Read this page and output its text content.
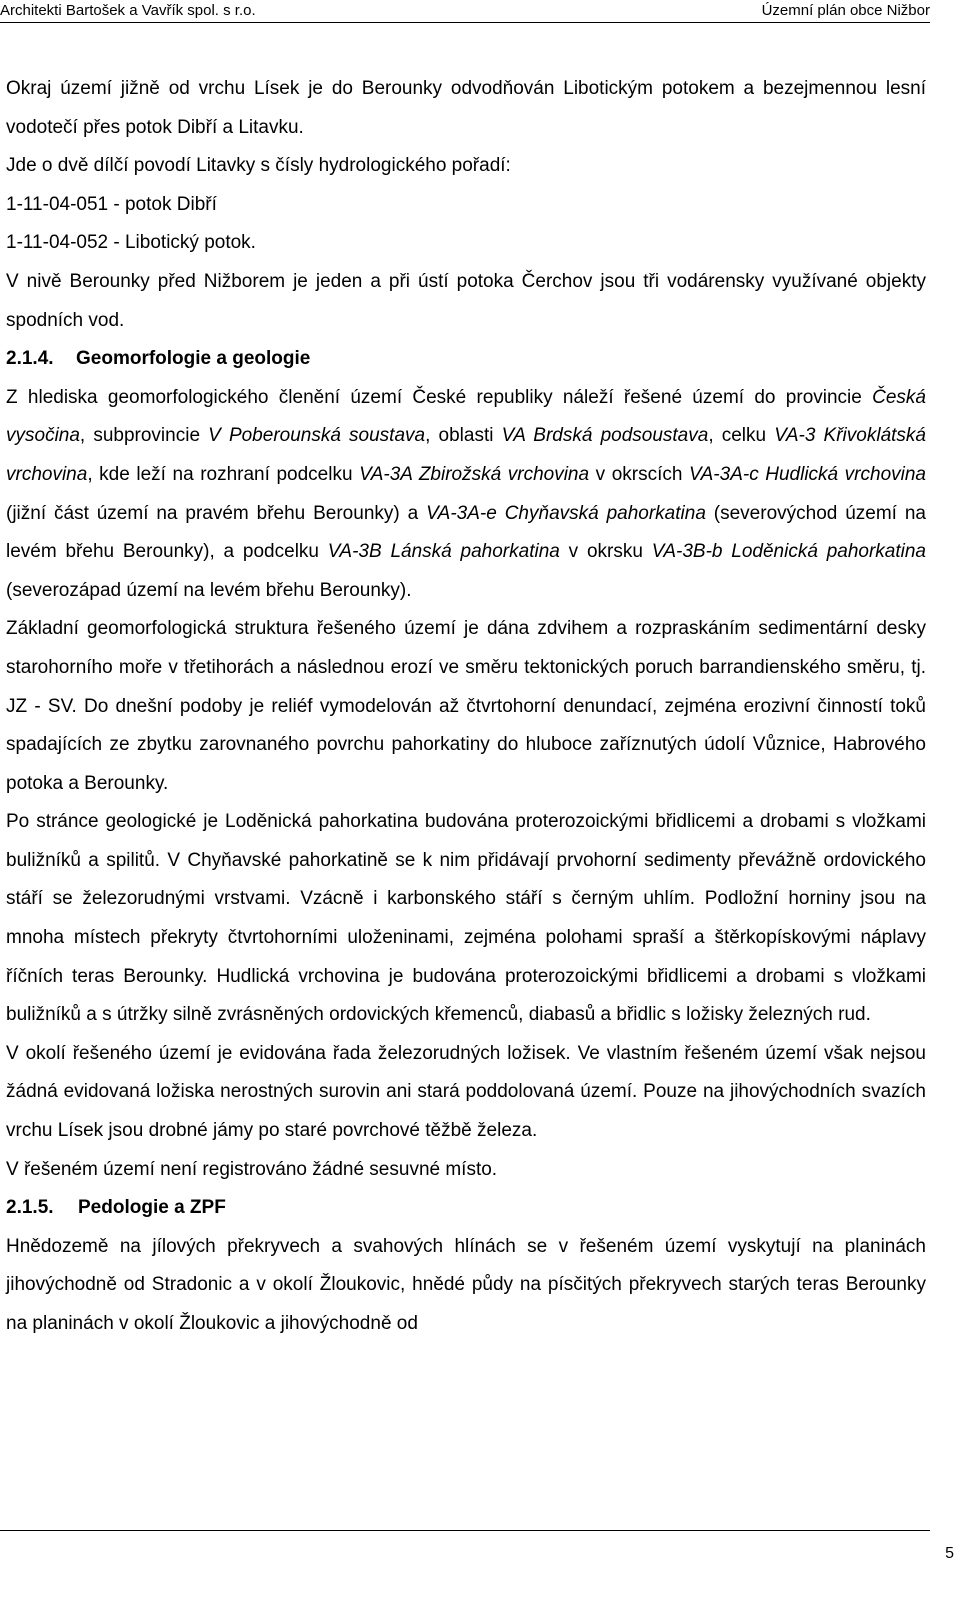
Architekti Bartošek a Vavřík spol. s r.o.	Územní plán obce Nižbor

Okraj území jižně od vrchu Lísek je do Berounky odvodňován Libotickým potokem a bezejmennou lesní vodotečí přes potok Dibří a Litavku.

Jde o dvě dílčí povodí Litavky s čísly hydrologického pořadí:

1-11-04-051 - potok Dibří

1-11-04-052 - Libotický potok.

V nivě Berounky před Nižborem je jeden a při ústí potoka Čerchov jsou tři vodárensky využívané objekty spodních vod.

2.1.4. Geomorfologie a geologie

Z hlediska geomorfologického členění území České republiky náleží řešené území do provincie Česká vysočina, subprovincie V Poberounská soustava, oblasti VA Brdská podsoustava, celku VA-3 Křivoklátská vrchovina, kde leží na rozhraní podcelku VA-3A Zbirožská vrchovina v okrscích VA-3A-c Hudlická vrchovina (jižní část území na pravém břehu Berounky) a VA-3A-e Chyňavská pahorkatina (severovýchod území na levém břehu Berounky), a podcelku VA-3B Lánská pahorkatina v okrsku VA-3B-b Loděnická pahorkatina (severozápad území na levém břehu Berounky).

Základní geomorfologická struktura řešeného území je dána zdvihem a rozpraskáním sedimentární desky starohorního moře v třetihorách a následnou erozí ve směru tektonických poruch barrandienského směru, tj. JZ - SV. Do dnešní podoby je reliéf vymodelován až čtvrtohorní denundací, zejména erozivní činností toků spadajících ze zbytku zarovnaného povrchu pahorkatiny do hluboce zaříznutých údolí Vůznice, Habrového potoka a Berounky.

Po stránce geologické je Loděnická pahorkatina budována proterozoickými břidlicemi a drobami s vložkami buližníků a spilitů. V Chyňavské pahorkatině se k nim přidávají prvohorní sedimenty převážně ordovického stáří se železorudnými vrstvami. Vzácně i karbonského stáří s černým uhlím. Podložní horniny jsou na mnoha místech překryty čtvrtohorními uloženinami, zejména polohami spraší a štěrkopískovými náplavy říčních teras Berounky. Hudlická vrchovina je budována proterozoickými břidlicemi a drobami s vložkami buližníků a s útržky silně zvrásněných ordovických křemenců, diabasů a břidlic s ložisky železných rud.

V okolí řešeného území je evidována řada železorudných ložisek. Ve vlastním řešeném území však nejsou žádná evidovaná ložiska nerostných surovin ani stará poddolovaná území. Pouze na jihovýchodních svazích vrchu Lísek jsou drobné jámy po staré povrchové těžbě železa.

V řešeném území není registrováno žádné sesuvné místo.

2.1.5. Pedologie a ZPF

Hnědozemě na jílových překryvech a svahových hlínách se v řešeném území vyskytují na planinách jihovýchodně od Stradonic a v okolí Žloukovic, hnědé půdy na písčitých překryvech starých teras Berounky na planinách v okolí Žloukovic a jihovýchodně od

5
